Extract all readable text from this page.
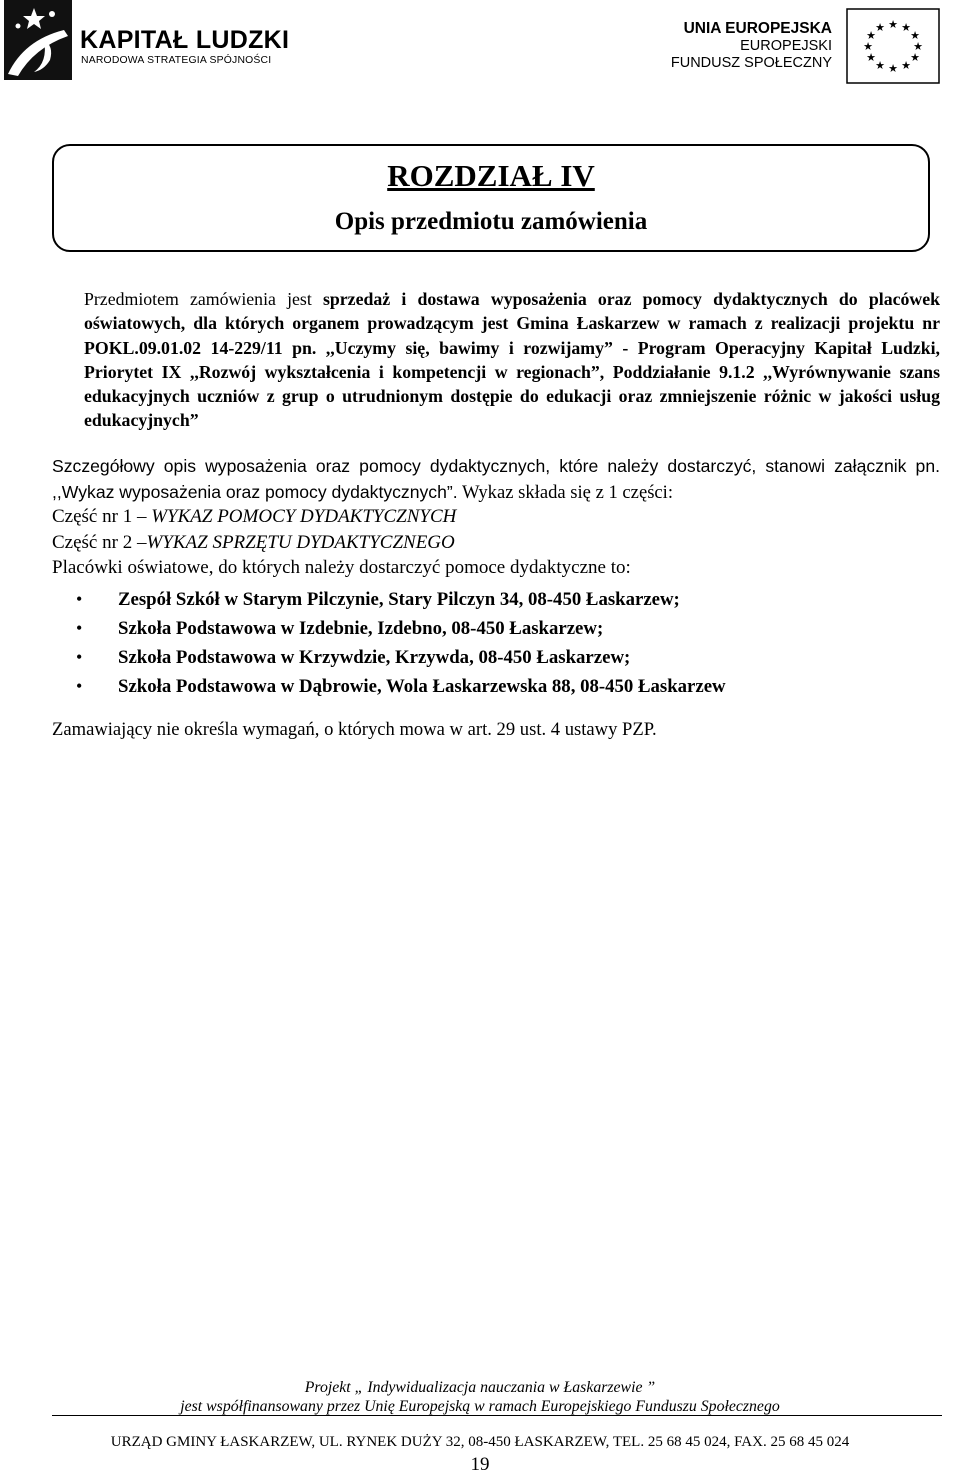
KAPITAŁ LUDZKI
NARODOWA STRATEGIA SPÓJNOŚCI
UNIA EUROPEJSKA
EUROPEJSKI
FUNDUSZ SPOŁECZNY
★ ★
★
★
★
★
★
★
★
★
★
★
ROZDZIAŁ IV
Opis przedmiotu zamówienia
Przedmiotem zamówienia jest sprzedaż i dostawa wyposażenia oraz pomocy dydaktycznych do placówek oświatowych, dla których organem prowadzącym jest Gmina Łaskarzew w ramach z realizacji projektu nr POKL.09.01.02 14-229/11 pn. ,,Uczymy się, bawimy i rozwijamy” - Program Operacyjny Kapitał Ludzki, Priorytet IX ,,Rozwój wykształcenia i kompetencji w regionach”, Poddziałanie 9.1.2 ,,Wyrównywanie szans edukacyjnych uczniów z grup o utrudnionym dostępie do edukacji oraz zmniejszenie różnic w jakości usług edukacyjnych”
Szczegółowy opis wyposażenia oraz pomocy dydaktycznych, które należy dostarczyć, stanowi załącznik pn. ,,Wykaz wyposażenia oraz pomocy dydaktycznych”. Wykaz składa się z 1 części:
Część nr 1 – WYKAZ POMOCY DYDAKTYCZNYCH
Część nr 2 –WYKAZ SPRZĘTU DYDAKTYCZNEGO
Placówki oświatowe, do których należy dostarczyć pomoce dydaktyczne to:
• Zespół Szkół w Starym Pilczynie, Stary Pilczyn 34, 08-450 Łaskarzew;
• Szkoła Podstawowa w Izdebnie, Izdebno, 08-450 Łaskarzew;
• Szkoła Podstawowa w Krzywdzie, Krzywda, 08-450 Łaskarzew;
• Szkoła Podstawowa w Dąbrowie, Wola Łaskarzewska 88, 08-450 Łaskarzew
Zamawiający nie określa wymagań, o których mowa w art. 29 ust. 4 ustawy PZP.
Projekt „ Indywidualizacja nauczania w Łaskarzewie ”
jest współfinansowany przez Unię Europejską w ramach Europejskiego Funduszu Społecznego
URZĄD GMINY ŁASKARZEW, UL. RYNEK DUŻY 32, 08-450 ŁASKARZEW, TEL. 25 68 45 024, FAX. 25 68 45 024
19
